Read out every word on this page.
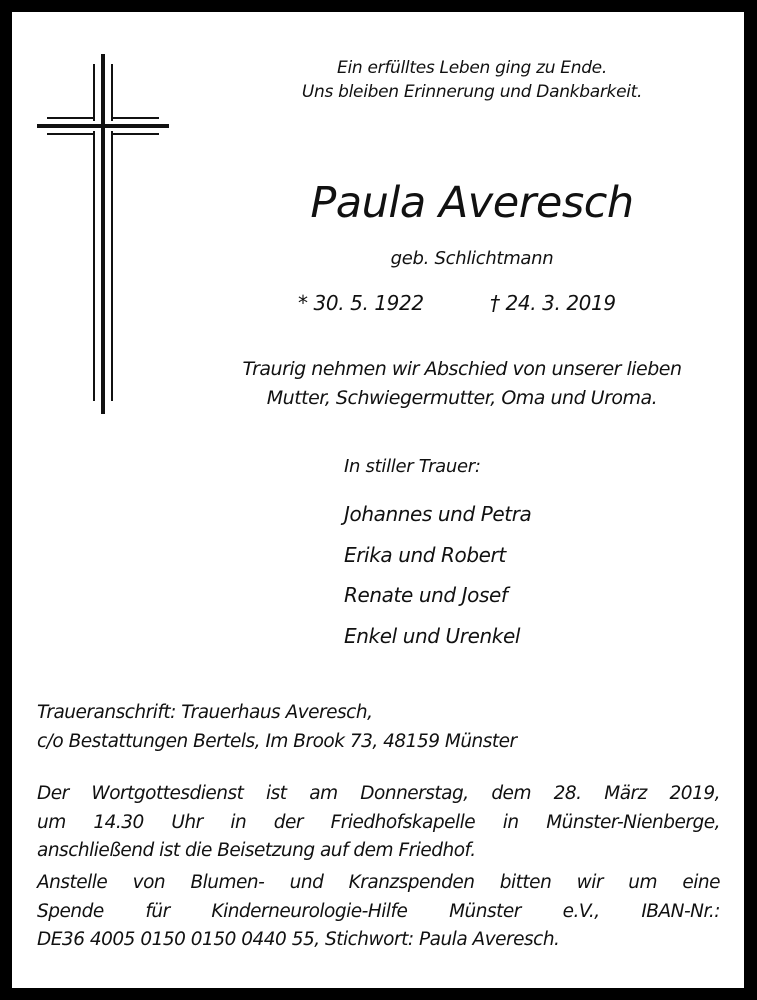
Ein erfülltes Leben ging zu Ende.
Uns bleiben Erinnerung und Dankbarkeit.
Paula Averesch
geb. Schlichtmann
* 30. 5. 1922	† 24. 3. 2019
Traurig nehmen wir Abschied von unserer lieben
Mutter, Schwiegermutter, Oma und Uroma.
In stiller Trauer:
Johannes und Petra
Erika und Robert
Renate und Josef
Enkel und Urenkel
Traueranschrift: Trauerhaus Averesch,
c/o Bestattungen Bertels, Im Brook 73, 48159 Münster
Der Wortgottesdienst ist am Donnerstag, dem 28. März 2019,
um 14.30 Uhr in der Friedhofskapelle in Münster-Nienberge,
anschließend ist die Beisetzung auf dem Friedhof.
Anstelle von Blumen- und Kranzspenden bitten wir um eine
Spende für Kinderneurologie-Hilfe Münster e.V., IBAN-Nr.:
DE36 4005 0150 0150 0440 55, Stichwort: Paula Averesch.
